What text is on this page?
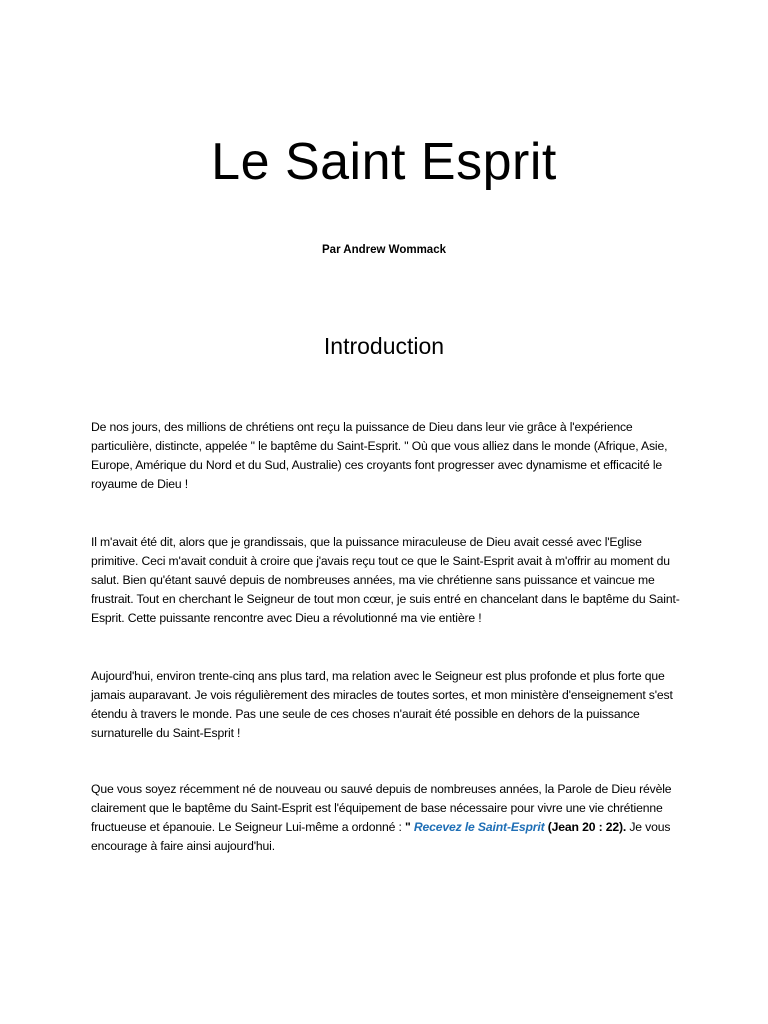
Le Saint Esprit

Par Andrew Wommack

Introduction

De nos jours, des millions de chrétiens ont reçu la puissance de Dieu dans leur vie grâce à l'expérience particulière, distincte, appelée " le baptême du Saint-Esprit. " Où que vous alliez dans le monde (Afrique, Asie, Europe, Amérique du Nord et du Sud, Australie) ces croyants font progresser avec dynamisme et efficacité le royaume de Dieu !

Il m'avait été dit, alors que je grandissais, que la puissance miraculeuse de Dieu avait cessé avec l'Eglise primitive. Ceci m'avait conduit à croire que j'avais reçu tout ce que le Saint-Esprit avait à m'offrir au moment du salut. Bien qu'étant sauvé depuis de nombreuses années, ma vie chrétienne sans puissance et vaincue me frustrait. Tout en cherchant le Seigneur de tout mon cœur, je suis entré en chancelant dans le baptême du Saint-Esprit. Cette puissante rencontre avec Dieu a révolutionné ma vie entière !

Aujourd'hui, environ trente-cinq ans plus tard, ma relation avec le Seigneur est plus profonde et plus forte que jamais auparavant. Je vois régulièrement des miracles de toutes sortes, et mon ministère d'enseignement s'est étendu à travers le monde. Pas une seule de ces choses n'aurait été possible en dehors de la puissance surnaturelle du Saint-Esprit !

Que vous soyez récemment né de nouveau ou sauvé depuis de nombreuses années, la Parole de Dieu révèle clairement que le baptême du Saint-Esprit est l'équipement de base nécessaire pour vivre une vie chrétienne fructueuse et épanouie. Le Seigneur Lui-même a ordonné : " Recevez le Saint-Esprit (Jean 20 : 22). Je vous encourage à faire ainsi aujourd'hui.
